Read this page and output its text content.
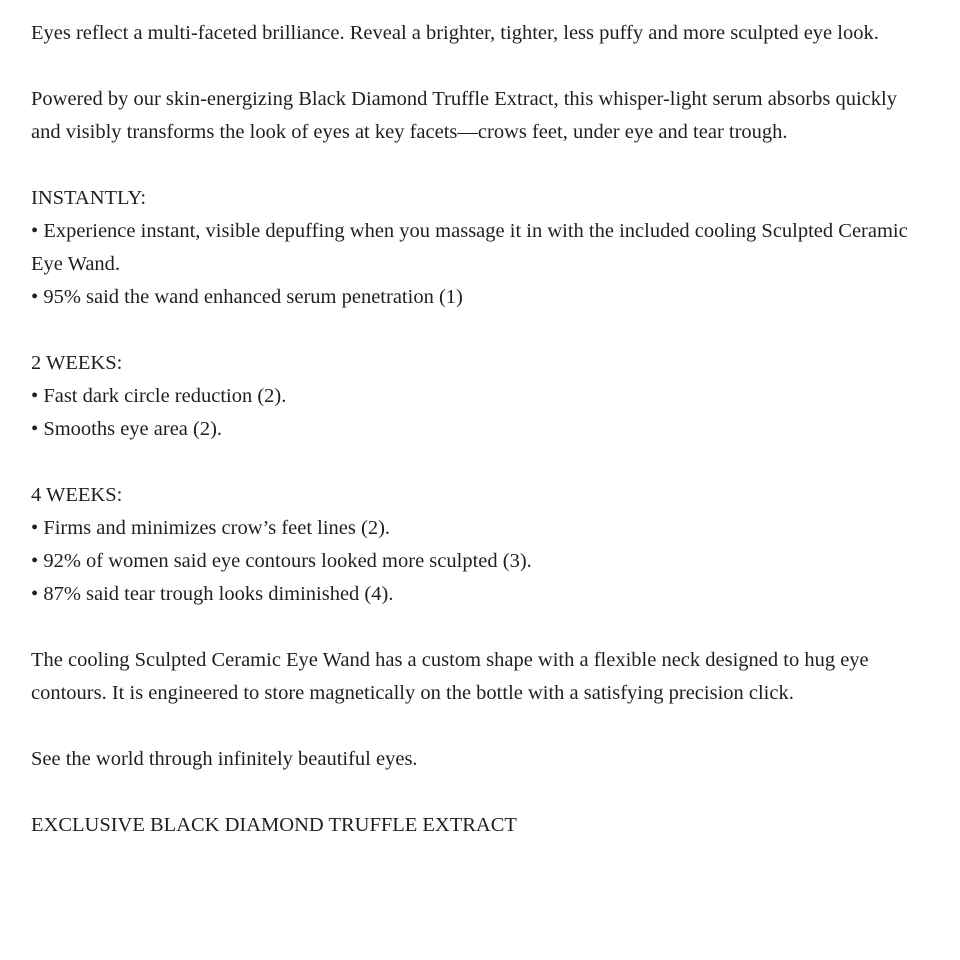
Eyes reflect a multi-faceted brilliance. Reveal a brighter, tighter, less puffy and more sculpted eye look.

Powered by our skin-energizing Black Diamond Truffle Extract, this whisper-light serum absorbs quickly and visibly transforms the look of eyes at key facets—crows feet, under eye and tear trough.

INSTANTLY:

• Experience instant, visible depuffing when you massage it in with the included cooling Sculpted Ceramic Eye Wand.

• 95% said the wand enhanced serum penetration (1)

2 WEEKS:

• Fast dark circle reduction (2).

• Smooths eye area (2).

4 WEEKS:

• Firms and minimizes crow’s feet lines (2).

• 92% of women said eye contours looked more sculpted (3).

• 87% said tear trough looks diminished (4).

The cooling Sculpted Ceramic Eye Wand has a custom shape with a flexible neck designed to hug eye contours. It is engineered to store magnetically on the bottle with a satisfying precision click.

See the world through infinitely beautiful eyes.

EXCLUSIVE BLACK DIAMOND TRUFFLE EXTRACT
